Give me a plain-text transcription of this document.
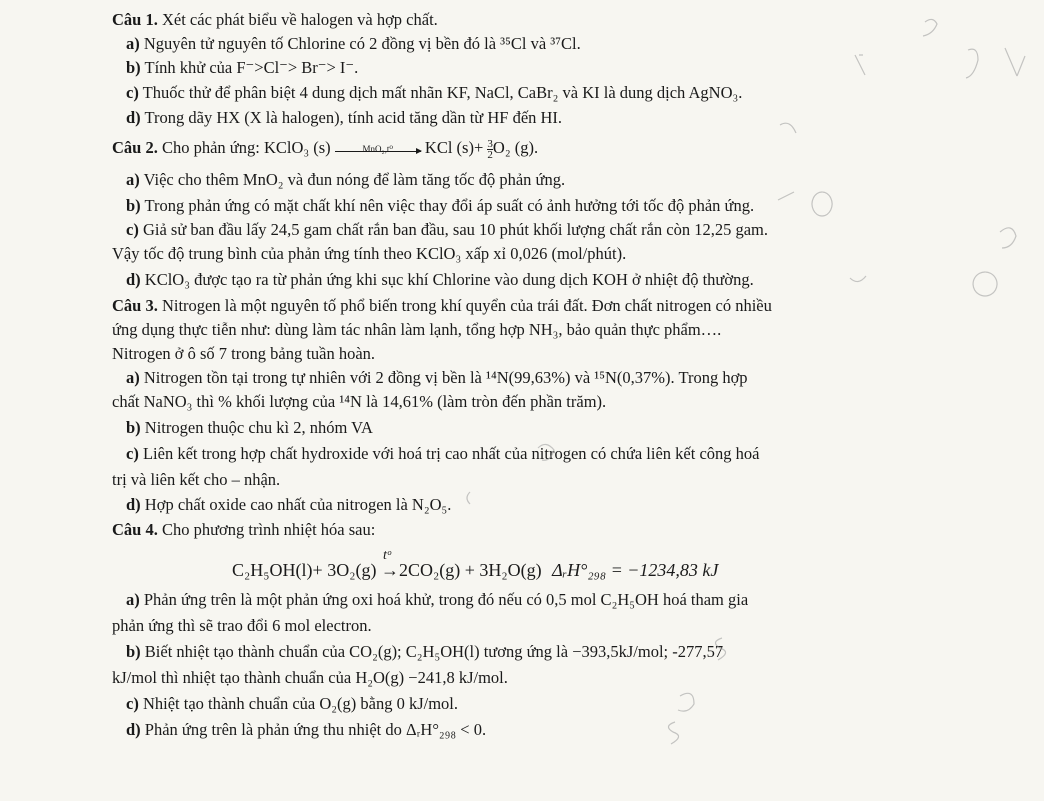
Câu 1. Xét các phát biểu về halogen và hợp chất.
a) Nguyên tử nguyên tố Chlorine có 2 đồng vị bền đó là ³⁵Cl và ³⁷Cl.
b) Tính khử của F⁻>Cl⁻> Br⁻> I⁻.
c) Thuốc thử để phân biệt 4 dung dịch mất nhãn KF, NaCl, CaBr₂ và KI là dung dịch AgNO₃.
d) Trong dãy HX (X là halogen), tính acid tăng dần từ HF đến HI.
Câu 2. Cho phản ứng: KClO₃ (s)	MnO₂,t⁰	KCl $(s)+ \frac{3}{2} O_2$ (g).
a) Việc cho thêm MnO₂ và đun nóng để làm tăng tốc độ phản ứng.
b) Trong phản ứng có mặt chất khí nên việc thay đổi áp suất có ảnh hưởng tới tốc độ phản ứng.
c) Giả sử ban đầu lấy 24,5 gam chất rắn ban đầu, sau 10 phút khối lượng chất rắn còn 12,25 gam.
Vậy tốc độ trung bình của phản ứng tính theo KClO₃ xấp xỉ 0,026 (mol/phút).
d) KClO₃ được tạo ra từ phản ứng khi sục khí Chlorine vào dung dịch KOH ở nhiệt độ thường.
Câu 3. Nitrogen là một nguyên tố phổ biến trong khí quyển của trái đất. Đơn chất nitrogen có nhiều
ứng dụng thực tiễn như: dùng làm tác nhân làm lạnh, tổng hợp NH₃, bảo quản thực phẩm….
Nitrogen ở ô số 7 trong bảng tuần hoàn.
a) Nitrogen tồn tại trong tự nhiên với 2 đồng vị bền là ¹⁴N(99,63%) và ¹⁵N(0,37%). Trong hợp
chất NaNO₃ thì % khối lượng của ¹⁴N là 14,61% (làm tròn đến phần trăm).
b) Nitrogen thuộc chu kì 2, nhóm VA
c) Liên kết trong hợp chất hydroxide với hoá trị cao nhất của nitrogen có chứa liên kết công hoá
trị và liên kết cho – nhận.
d) Hợp chất oxide cao nhất của nitrogen là N₂O₅.
Câu 4. Cho phương trình nhiệt hóa sau:
C₂H₅OH(l)+ 3O₂(g)
tᵒ
→2CO₂(g) + 3H₂O(g) ΔᵣH°₂₉₈ = −1234,83 kJ
a) Phản ứng trên là một phản ứng oxi hoá khử, trong đó nếu có 0,5 mol C₂H₅OH hoá tham gia
phản ứng thì sẽ trao đổi 6 mol electron.
b) Biết nhiệt tạo thành chuẩn của CO₂(g); C₂H₅OH(l) tương ứng là −393,5kJ/mol; -277,57
kJ/mol thì nhiệt tạo thành chuẩn của H₂O(g) −241,8 kJ/mol.
c) Nhiệt tạo thành chuẩn của O₂(g) bằng 0 kJ/mol.
d) Phản ứng trên là phản ứng thu nhiệt do ΔᵣH°₂₉₈ < 0.
